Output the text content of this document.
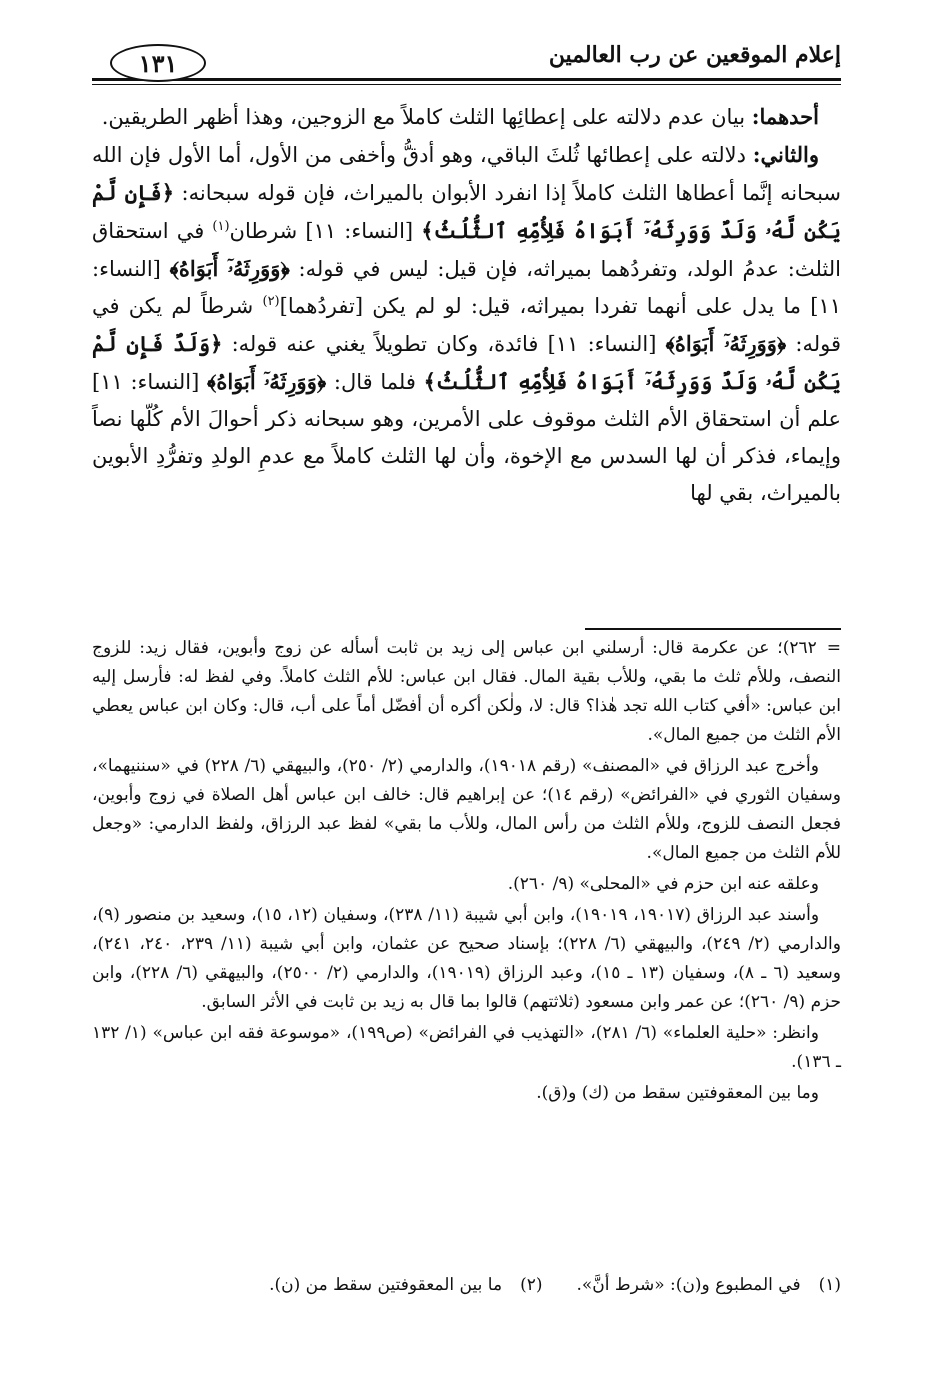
إعلام الموقعين عن رب العالمين
١٣١

أحدهما: بيان عدم دلالته على إعطائِها الثلث كاملاً مع الزوجين، وهذا أظهر الطريقين.

والثاني: دلالته على إعطائها ثُلثَ الباقي، وهو أدقُّ وأخفى من الأول، أما الأول فإن الله سبحانه إنَّما أعطاها الثلث كاملاً إذا انفرد الأبوان بالميراث، فإن قوله سبحانه: ﴿فَإِن لَّمْ يَكُن لَّهُۥ وَلَدٌ وَوَرِثَهُۥٓ أَبَوَاهُ فَلِأُمِّهِ ٱلثُّلُثُ﴾ [النساء: ١١] شرطان$^{(١)}$ في استحقاق الثلث: عدمُ الولد، وتفردُهما بميراثه، فإن قيل: ليس في قوله: ﴿وَوَرِثَهُۥٓ أَبَوَاهُ﴾ [النساء: ١١] ما يدل على أنهما تفردا بميراثه، قيل: لو لم يكن [تفردُهما]$^{(٢)}$ شرطاً لم يكن في قوله: ﴿وَوَرِثَهُۥٓ أَبَوَاهُ﴾ [النساء: ١١] فائدة، وكان تطويلاً يغني عنه قوله: ﴿وَلَدٌ فَإِن لَّمْ يَكُن لَّهُۥ وَلَدٌ وَوَرِثَهُۥٓ أَبَوَاهُ فَلِأُمِّهِ ٱلثُّلُثُ﴾ فلما قال: ﴿وَوَرِثَهُۥٓ أَبَوَاهُ﴾ [النساء: ١١] علم أن استحقاق الأم الثلث موقوف على الأمرين، وهو سبحانه ذكر أحوالَ الأم كُلّها نصاً وإيماء، فذكر أن لها السدس مع الإخوة، وأن لها الثلث كاملاً مع عدمِ الولدِ وتفرُّدِ الأبوين بالميراث، بقي لها

=٢٦٢)؛ عن عكرمة قال: أرسلني ابن عباس إلى زيد بن ثابت أسأله عن زوج وأبوين، فقال زيد: للزوج النصف، وللأم ثلث ما بقي، وللأب بقية المال. فقال ابن عباس: للأم الثلث كاملاً. وفي لفظ له: فأرسل إليه ابن عباس: «أفي كتاب الله تجد هٰذا؟ قال: لا، ولٰكن أكره أن أفضّل أماً على أب، قال: وكان ابن عباس يعطي الأم الثلث من جميع المال».

وأخرج عبد الرزاق في «المصنف» (رقم ١٩٠١٨)، والدارمي (٢/ ٢٥٠)، والبيهقي (٦/ ٢٢٨) في «سننيهما»، وسفيان الثوري في «الفرائض» (رقم ١٤)؛ عن إبراهيم قال: خالف ابن عباس أهل الصلاة في زوج وأبوين، فجعل النصف للزوج، وللأم الثلث من رأس المال، وللأب ما بقي» لفظ عبد الرزاق، ولفظ الدارمي: «وجعل للأم الثلث من جميع المال».

وعلقه عنه ابن حزم في «المحلى» (٩/ ٢٦٠).

وأسند عبد الرزاق (١٩٠١٧، ١٩٠١٩)، وابن أبي شيبة (١١/ ٢٣٨)، وسفيان (١٢، ١٥)، وسعيد بن منصور (٩)، والدارمي (٢/ ٢٤٩)، والبيهقي (٦/ ٢٢٨)؛ بإسناد صحيح عن عثمان، وابن أبي شيبة (١١/ ٢٣٩، ٢٤٠، ٢٤١)، وسعيد (٦ ـ ٨)، وسفيان (١٣ ـ ١٥)، وعبد الرزاق (١٩٠١٩)، والدارمي (٢/ ٢٥٠٠)، والبيهقي (٦/ ٢٢٨)، وابن حزم (٩/ ٢٦٠)؛ عن عمر وابن مسعود (ثلاثتهم) قالوا بما قال به زيد بن ثابت في الأثر السابق.

وانظر: «حلية العلماء» (٦/ ٢٨١)، «التهذيب في الفرائض» (ص١٩٩)، «موسوعة فقه ابن عباس» (١/ ١٣٢ ـ ١٣٦).

وما بين المعقوفتين سقط من (ك) و(ق).

(١)في المطبوع و(ن): «شرط أنَّ».
(٢)ما بين المعقوفتين سقط من (ن).
